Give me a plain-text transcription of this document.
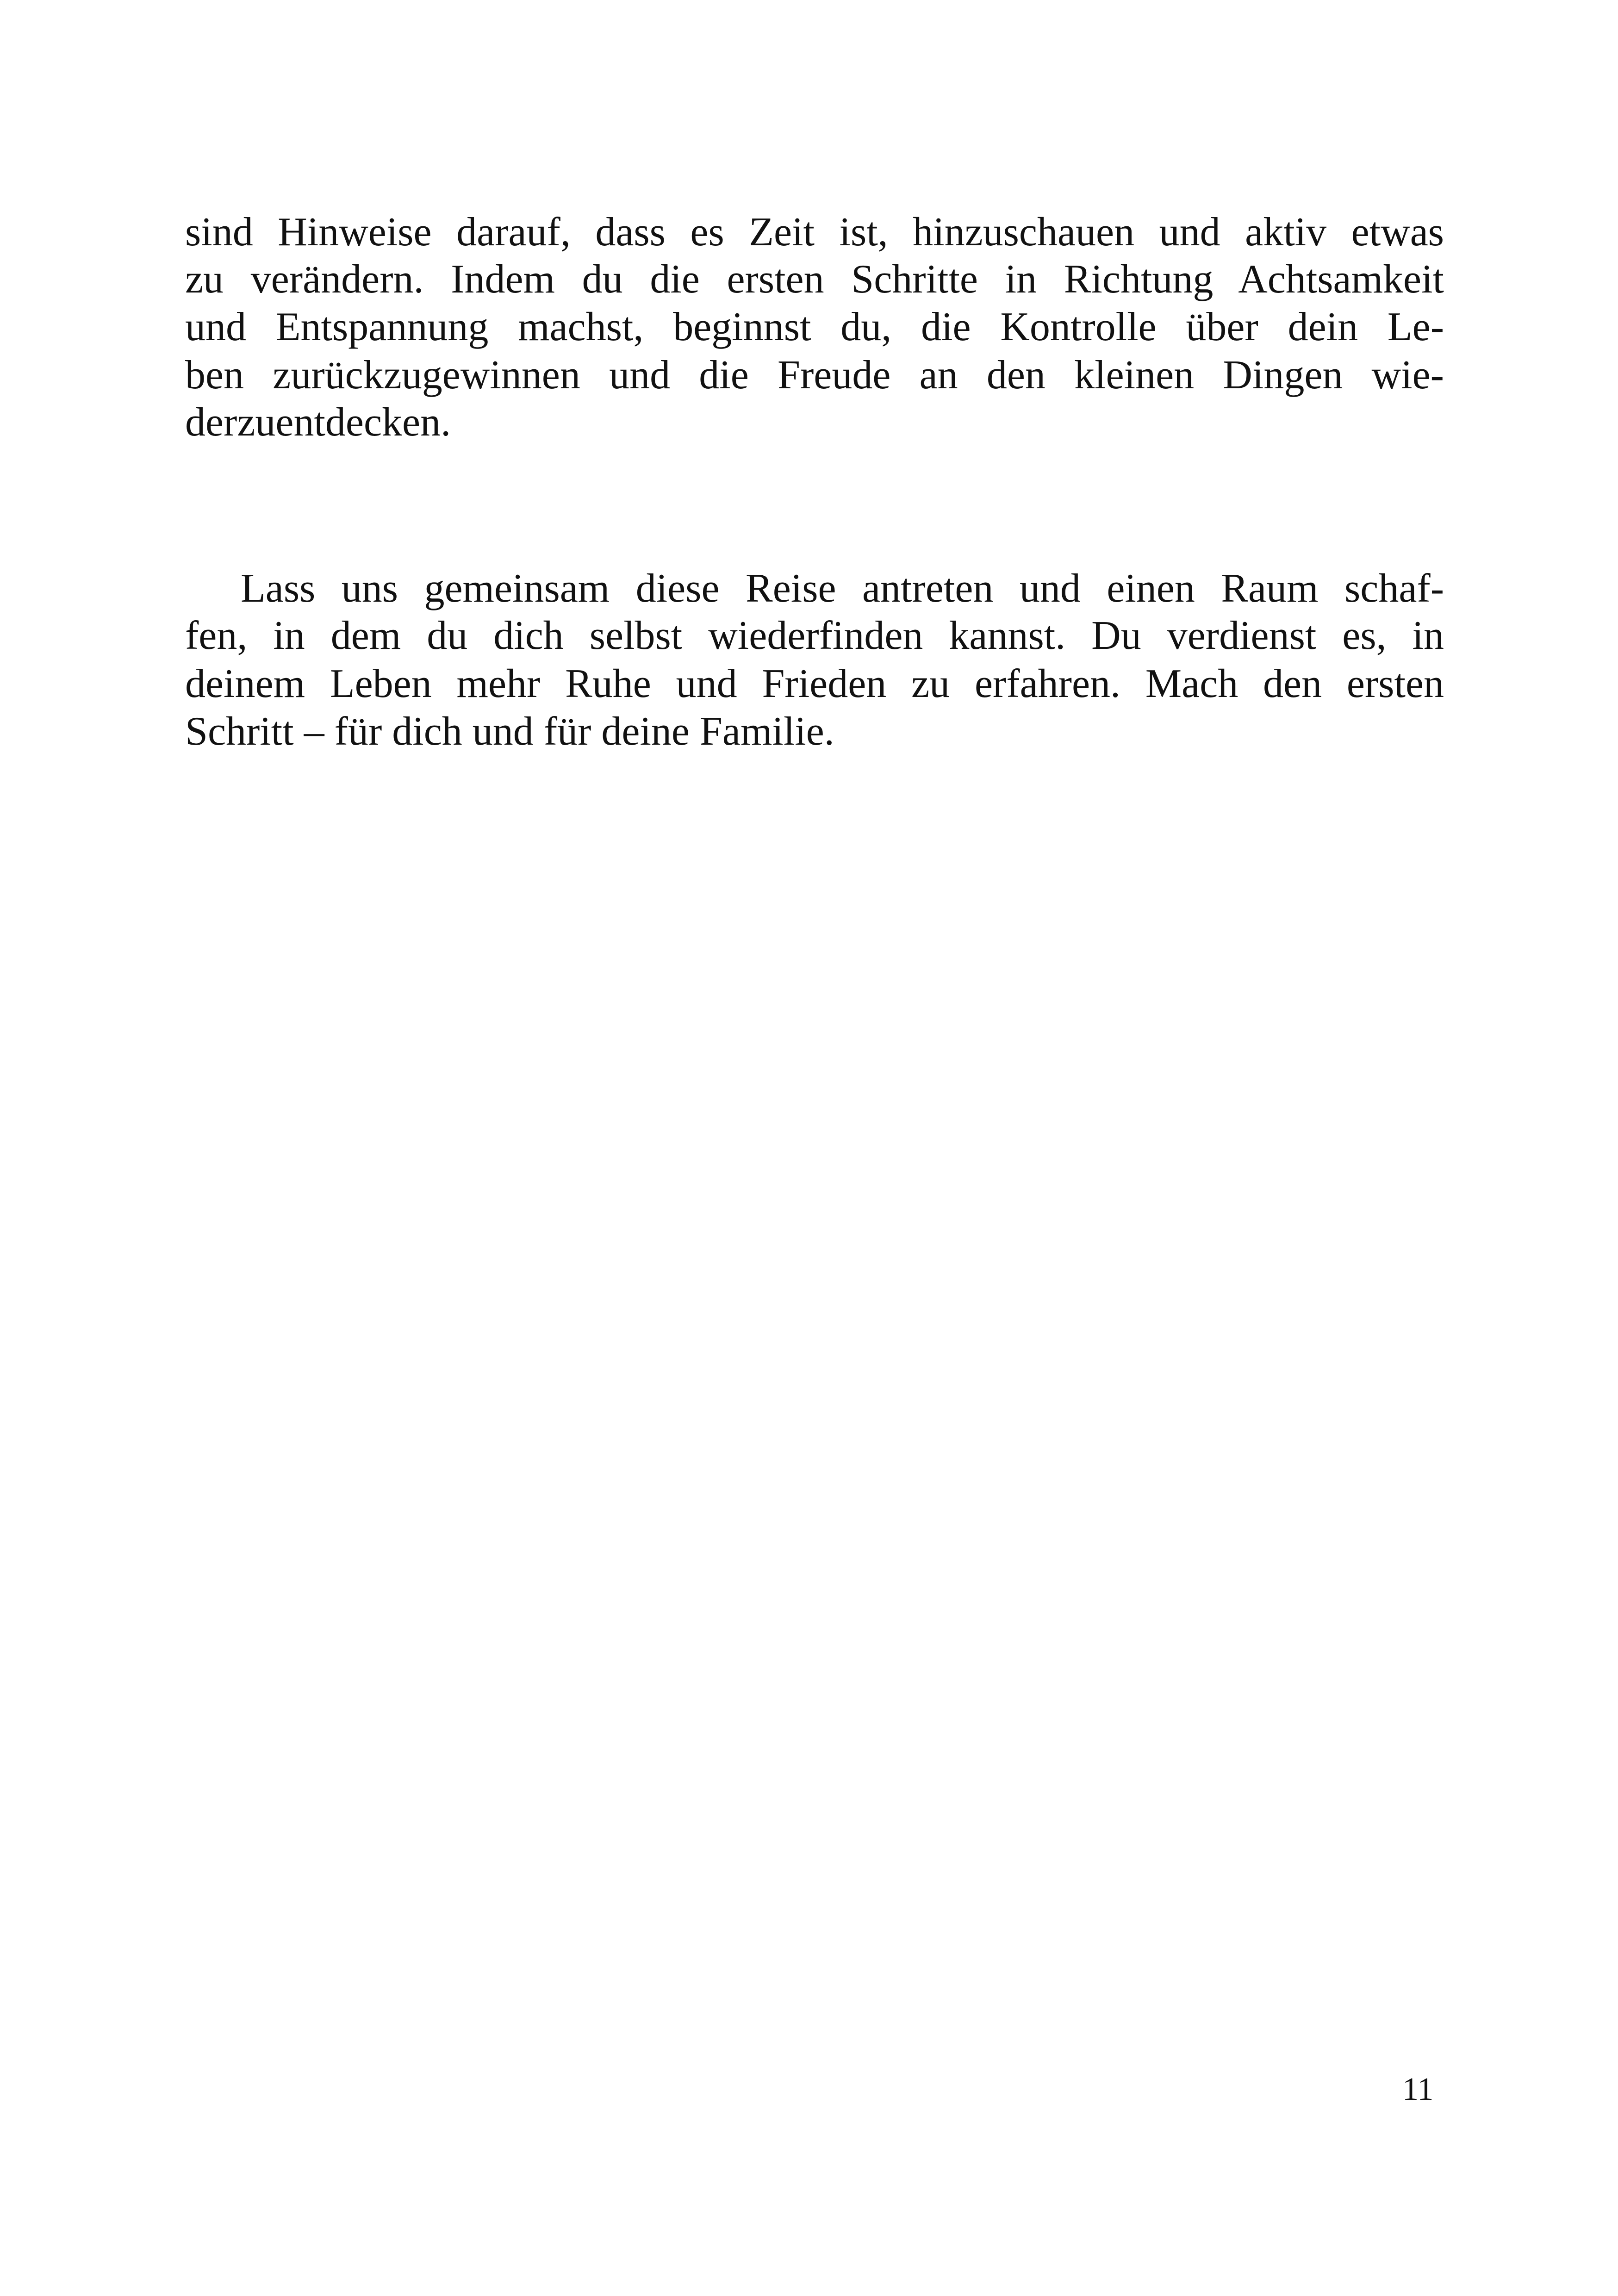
sind Hinweise darauf, dass es Zeit ist, hinzuschauen und aktiv etwas

zu verändern. Indem du die ersten Schritte in Richtung Achtsamkeit

und Entspannung machst, beginnst du, die Kontrolle über dein Le-

ben zurückzugewinnen und die Freude an den kleinen Dingen wie-

derzuentdecken.

Lass uns gemeinsam diese Reise antreten und einen Raum schaf-

fen, in dem du dich selbst wiederfinden kannst. Du verdienst es, in

deinem Leben mehr Ruhe und Frieden zu erfahren. Mach den ersten

Schritt – für dich und für deine Familie.

11
